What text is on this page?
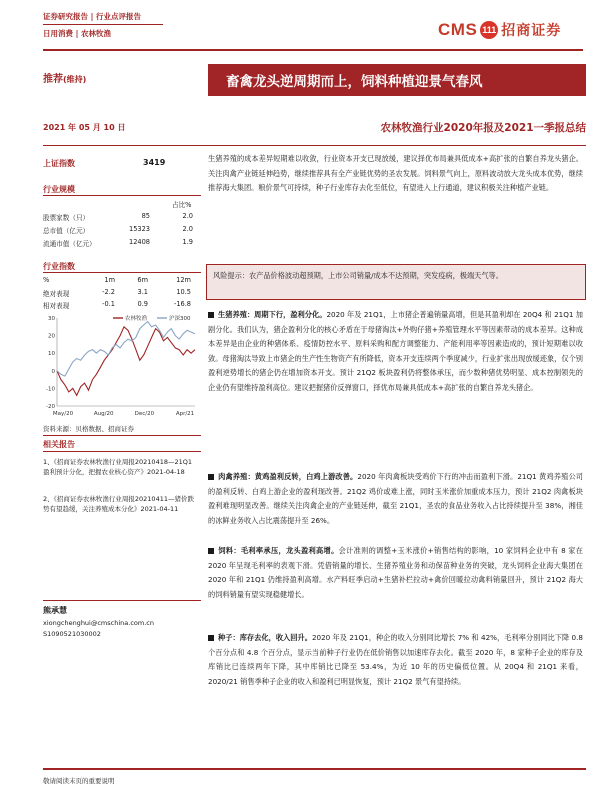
证券研究报告 | 行业点评报告
日用消费 | 农林牧渔	CMS 111 招商证券
推荐(维持)	畜禽龙头逆周期而上，饲料种植迎景气春风
2021 年 05 月 10 日	农林牧渔行业2020年报及2021一季报总结
上证指数	3419
行业规模
占比%
股票家数（只）	85	2.0
总市值（亿元）	15323	2.0
流通市值（亿元）	12408	1.9
行业指数
%	1m	6m	12m
绝对表现	-2.2	3.1	10.5
相对表现	-0.1	0.9	-16.8
30
20
10
0
-10
-20
May/20	Aug/20	Dec/20	Apr/21
农林牧渔	沪深300
资料来源：贝格数据、招商证券
相关报告
1、《招商证券农林牧渔行业周报20210418—21Q1盈利预计分化，把握农业核心资产》2021-04-18
2、《招商证券农林牧渔行业周报20210411—猪价跌势有望趋缓，关注养殖成本分化》2021-04-11
熊承慧
xiongchenghui@cmschina.com.cn
S1090521030002
生猪养殖的成本差异短期难以收敛，行业资本开支已现放缓，建议择优布局兼具低成本+高扩张的自繁自养龙头猪企。关注肉禽产业链延伸趋势，继续推荐具有全产业链优势的圣农发展。饲料景气向上，原料波动放大龙头成本优势，继续推荐海大集团。粮价景气可持续，种子行业库存去化至低位，有望进入上行通道，建议积极关注种植产业链。
风险提示：农产品价格波动超预期，上市公司销量/成本不达预期，突发疫病，极端天气等。
生猪养殖：周期下行，盈利分化。2020 年及 21Q1，上市猪企普遍销量高增，但是其盈利却在 20Q4 和 21Q1 加剧分化。我们认为，猪企盈利分化的核心矛盾在于母猪淘汰+外购仔猪+养殖管理水平等因素带动的成本差异。这种成本差异是由企业的种猪体系、疫情防控水平、原料采购和配方调整能力、产能利用率等因素造成的，预计短期难以收敛。母猪淘汰导致上市猪企的生产性生物资产有所降低，资本开支连续两个季度减少，行业扩张出现放缓迹象，仅个别盈利逆势增长的猪企仍在增加资本开支。预计 21Q2 板块盈利仍将整体承压，而少数种猪优势明显、成本控制领先的企业仍有望维持盈利高位。建议把握猪价反弹窗口，择优布局兼具低成本+高扩张的自繁自养龙头猪企。
肉禽养殖：黄鸡盈利反转，白鸡上游改善。2020 年肉禽板块受鸡价下行的冲击而盈利下滑。21Q1 黄鸡养殖公司的盈利反转、白鸡上游企业的盈利现改善。21Q2 鸡价或难上涨，同时玉米涨价加重成本压力，预计 21Q2 肉禽板块盈利难现明显改善。继续关注肉禽企业的产业链延伸，截至 21Q1，圣农的食品业务收入占比持续提升至 38%，湘佳的冰鲜业务收入占比震荡提升至 26%。
饲料：毛利率承压，龙头盈利高增。会计准则的调整+玉米涨价+销售结构的影响，10 家饲料企业中有 8 家在 2020 年呈现毛利率的表观下滑。凭借销量的增长、生猪养殖业务和动保苗种业务的突破，龙头饲料企业海大集团在 2020 年和 21Q1 仍维持盈利高增。水产料旺季启动+生猪补栏拉动+禽价回暖拉动禽料销量回升，预计 21Q2 海大的饲料销量有望实现稳健增长。
种子：库存去化，收入回升。2020 年及 21Q1，种企的收入分别同比增长 7% 和 42%，毛利率分别同比下降 0.8 个百分点和 4.8 个百分点，显示当前种子行业仍在低价销售以加速库存去化。截至 2020 年，8 家种子企业的库存及库销比已连续两年下降，其中库销比已降至 53.4%，为近 10 年的历史偏低位置。从 20Q4 和 21Q1 来看，2020/21 销售季种子企业的收入和盈利已明显恢复，预计 21Q2 景气有望持续。
敬请阅读末页的重要说明
